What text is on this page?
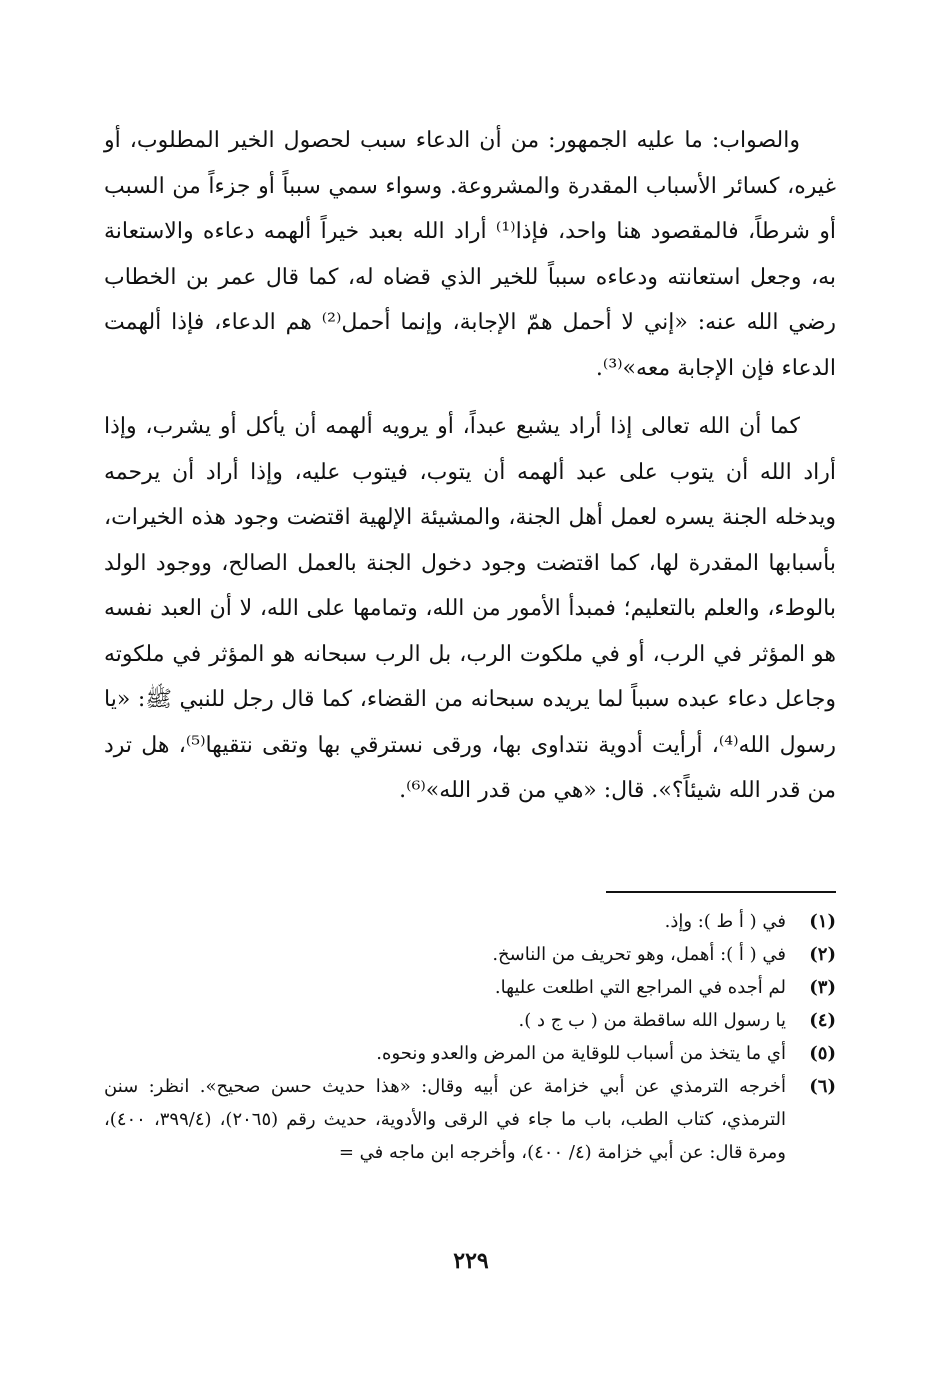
والصواب: ما عليه الجمهور: من أن الدعاء سبب لحصول الخير المطلوب، أو غيره، كسائر الأسباب المقدرة والمشروعة. وسواء سمي سبباً أو جزءاً من السبب أو شرطاً، فالمقصود هنا واحد، فإذا⁽¹⁾ أراد الله بعبد خيراً ألهمه دعاءه والاستعانة به، وجعل استعانته ودعاءه سبباً للخير الذي قضاه له، كما قال عمر بن الخطاب رضي الله عنه: «إني لا أحمل همّ الإجابة، وإنما أحمل⁽²⁾ هم الدعاء، فإذا ألهمت الدعاء فإن الإجابة معه»⁽³⁾.

كما أن الله تعالى إذا أراد يشبع عبداً، أو يرويه ألهمه أن يأكل أو يشرب، وإذا أراد الله أن يتوب على عبد ألهمه أن يتوب، فيتوب عليه، وإذا أراد أن يرحمه ويدخله الجنة يسره لعمل أهل الجنة، والمشيئة الإلهية اقتضت وجود هذه الخيرات، بأسبابها المقدرة لها، كما اقتضت وجود دخول الجنة بالعمل الصالح، ووجود الولد بالوطء، والعلم بالتعليم؛ فمبدأ الأمور من الله، وتمامها على الله، لا أن العبد نفسه هو المؤثر في الرب، أو في ملكوت الرب، بل الرب سبحانه هو المؤثر في ملكوته وجاعل دعاء عبده سبباً لما يريده سبحانه من القضاء، كما قال رجل للنبي ﷺ: «يا رسول الله⁽⁴⁾، أرأيت أدوية نتداوى بها، ورقى نسترقي بها وتقى نتقيها⁽⁵⁾، هل ترد من قدر الله شيئاً؟». قال: «هي من قدر الله»⁽⁶⁾.

(١)
في ( أ ط ): وإذ.
(٢)
في ( أ ): أهمل، وهو تحريف من الناسخ.
(٣)
لم أجده في المراجع التي اطلعت عليها.
(٤)
يا رسول الله ساقطة من ( ب ج د ).
(٥)
أي ما يتخذ من أسباب للوقاية من المرض والعدو ونحوه.
(٦)
أخرجه الترمذي عن أبي خزامة عن أبيه وقال: «هذا حديث حسن صحيح». انظر: سنن الترمذي، كتاب الطب، باب ما جاء في الرقى والأدوية، حديث رقم (٢٠٦٥)، (٣٩٩/٤، ٤٠٠)، ومرة قال: عن أبي خزامة (٤/ ٤٠٠)، وأخرجه ابن ماجه في =
٢٢٩
